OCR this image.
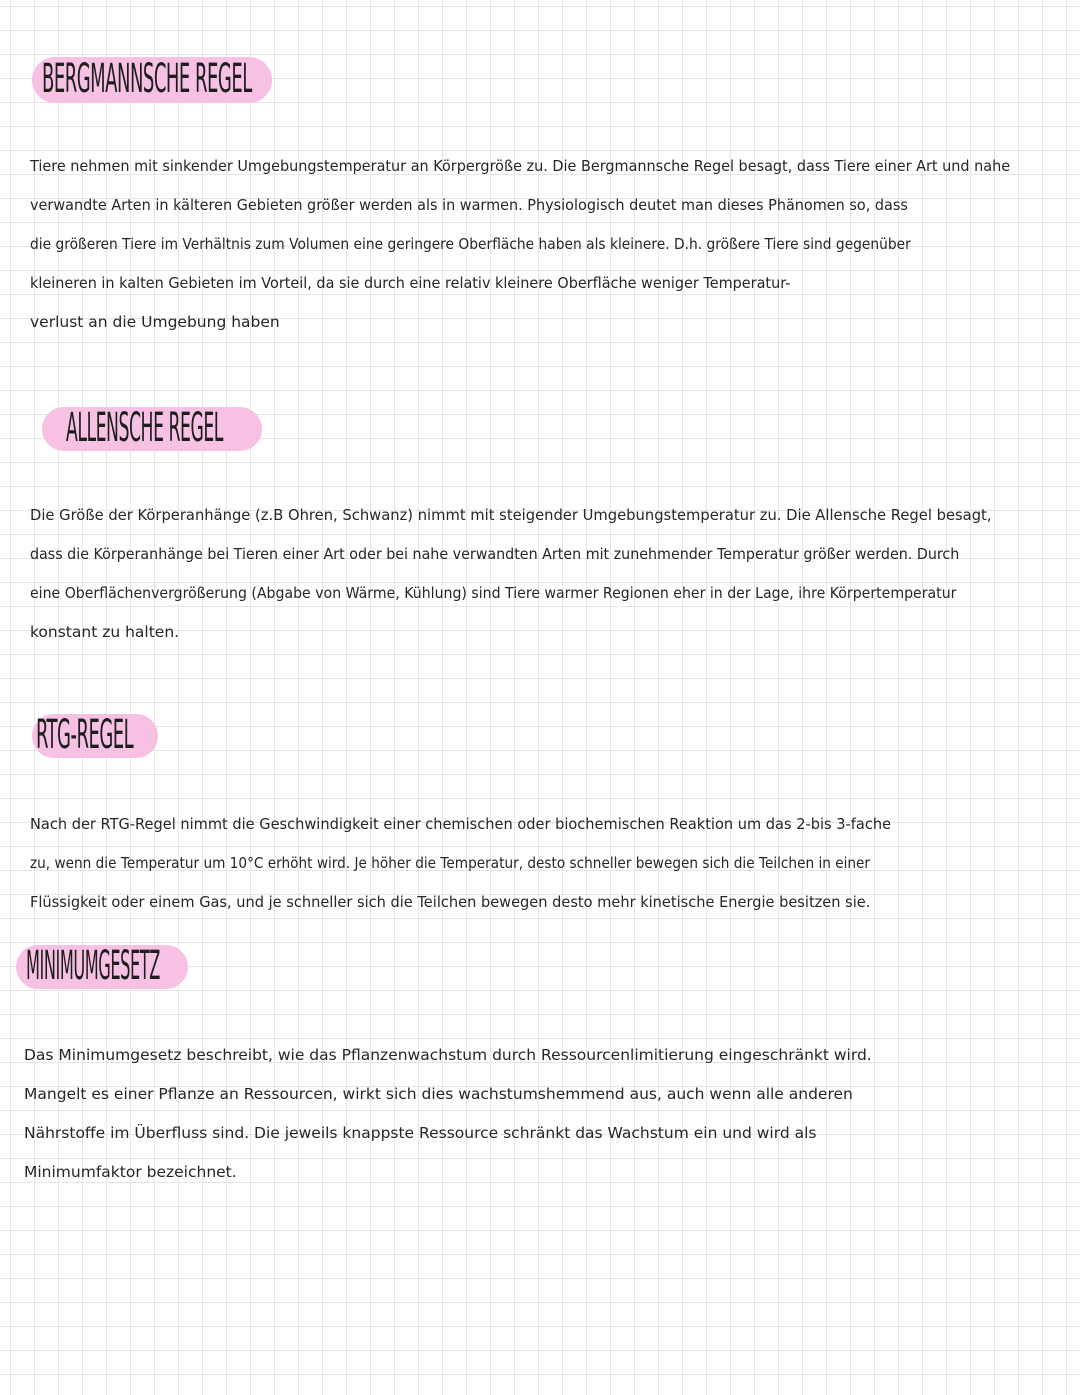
BERGMANNSCHE REGEL
Tiere nehmen mit sinkender Umgebungstemperatur an Körpergröße zu. Die Bergmannsche Regel besagt, dass Tiere einer Art und nahe
verwandte Arten in kälteren Gebieten größer werden als in warmen. Physiologisch deutet man dieses Phänomen so, dass
die größeren Tiere im Verhältnis zum Volumen eine geringere Oberfläche haben als kleinere. D.h. größere Tiere sind gegenüber
kleineren in kalten Gebieten im Vorteil, da sie durch eine relativ kleinere Oberfläche weniger Temperatur-
verlust an die Umgebung haben
ALLENSCHE REGEL
Die Größe der Körperanhänge (z.B Ohren, Schwanz) nimmt mit steigender Umgebungstemperatur zu. Die Allensche Regel besagt,
dass die Körperanhänge bei Tieren einer Art oder bei nahe verwandten Arten mit zunehmender Temperatur größer werden. Durch
eine Oberflächenvergrößerung (Abgabe von Wärme, Kühlung) sind Tiere warmer Regionen eher in der Lage, ihre Körpertemperatur
konstant zu halten.
RTG-REGEL
Nach der RTG-Regel nimmt die Geschwindigkeit einer chemischen oder biochemischen Reaktion um das 2-bis 3-fache
zu, wenn die Temperatur um 10°C erhöht wird. Je höher die Temperatur, desto schneller bewegen sich die Teilchen in einer
Flüssigkeit oder einem Gas, und je schneller sich die Teilchen bewegen desto mehr kinetische Energie besitzen sie.
MINIMUMGESETZ
Das Minimumgesetz beschreibt, wie das Pflanzenwachstum durch Ressourcenlimitierung eingeschränkt wird.
Mangelt es einer Pflanze an Ressourcen, wirkt sich dies wachstumshemmend aus, auch wenn alle anderen
Nährstoffe im Überfluss sind. Die jeweils knappste Ressource schränkt das Wachstum ein und wird als
Minimumfaktor bezeichnet.
